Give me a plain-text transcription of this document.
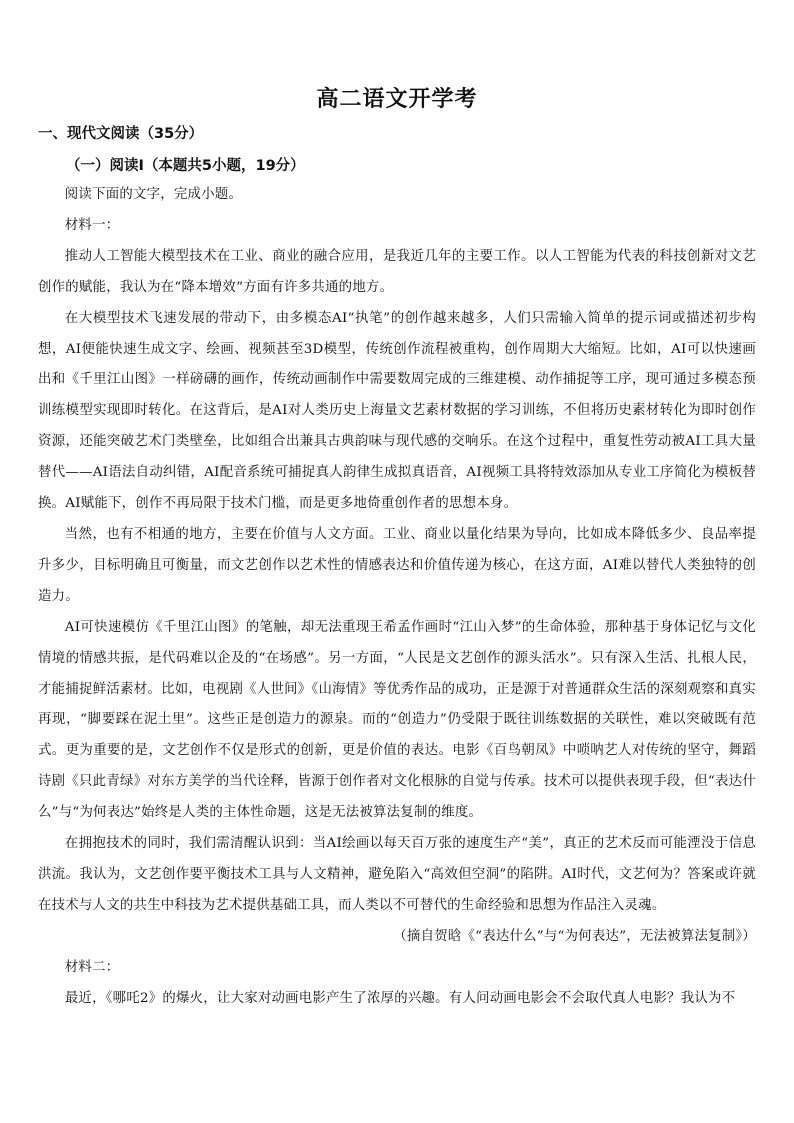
高二语文开学考
一、现代文阅读（35分）
（一）阅读Ⅰ（本题共5小题，19分）

阅读下面的文字，完成小题。

材料一：

推动人工智能大模型技术在工业、商业的融合应用，是我近几年的主要工作。以人工智能为代表的科技创新对文艺创作的赋能，我认为在“降本增效”方面有许多共通的地方。

在大模型技术飞速发展的带动下，由多模态AI“执笔”的创作越来越多，人们只需输入简单的提示词或描述初步构想，AI便能快速生成文字、绘画、视频甚至3D模型，传统创作流程被重构，创作周期大大缩短。比如，AI可以快速画出和《千里江山图》一样磅礴的画作，传统动画制作中需要数周完成的三维建模、动作捕捉等工序，现可通过多模态预训练模型实现即时转化。在这背后，是AI对人类历史上海量文艺素材数据的学习训练，不但将历史素材转化为即时创作资源，还能突破艺术门类壁垒，比如组合出兼具古典韵味与现代感的交响乐。在这个过程中，重复性劳动被AI工具大量替代——AI语法自动纠错，AI配音系统可捕捉真人韵律生成拟真语音，AI视频工具将特效添加从专业工序简化为模板替换。AI赋能下，创作不再局限于技术门槛，而是更多地倚重创作者的思想本身。

当然，也有不相通的地方，主要在价值与人文方面。工业、商业以量化结果为导向，比如成本降低多少、良品率提升多少，目标明确且可衡量，而文艺创作以艺术性的情感表达和价值传递为核心，在这方面，AI难以替代人类独特的创造力。

AI可快速模仿《千里江山图》的笔触，却无法重现王希孟作画时“江山入梦”的生命体验，那种基于身体记忆与文化情境的情感共振，是代码难以企及的“在场感”。另一方面，“人民是文艺创作的源头活水”。只有深入生活、扎根人民，才能捕捉鲜活素材。比如，电视剧《人世间》《山海情》等优秀作品的成功，正是源于对普通群众生活的深刻观察和真实再现，“脚要踩在泥土里”。这些正是创造力的源泉。而的“创造力”仍受限于既往训练数据的关联性，难以突破既有范式。更为重要的是，文艺创作不仅是形式的创新，更是价值的表达。电影《百鸟朝凤》中唢呐艺人对传统的坚守，舞蹈诗剧《只此青绿》对东方美学的当代诠释，皆源于创作者对文化根脉的自觉与传承。技术可以提供表现手段，但“表达什么”与“为何表达”始终是人类的主体性命题，这是无法被算法复制的维度。

在拥抱技术的同时，我们需清醒认识到：当AI绘画以每天百万张的速度生产“美”，真正的艺术反而可能湮没于信息洪流。我认为，文艺创作要平衡技术工具与人文精神，避免陷入“高效但空洞”的陷阱。AI时代，文艺何为？答案或许就在技术与人文的共生中科技为艺术提供基础工具，而人类以不可替代的生命经验和思想为作品注入灵魂。

（摘自贺晗《“表达什么”与“为何表达”，无法被算法复制》）

材料二：

最近，《哪吒2》的爆火，让大家对动画电影产生了浓厚的兴趣。有人问动画电影会不会取代真人电影？我认为不
